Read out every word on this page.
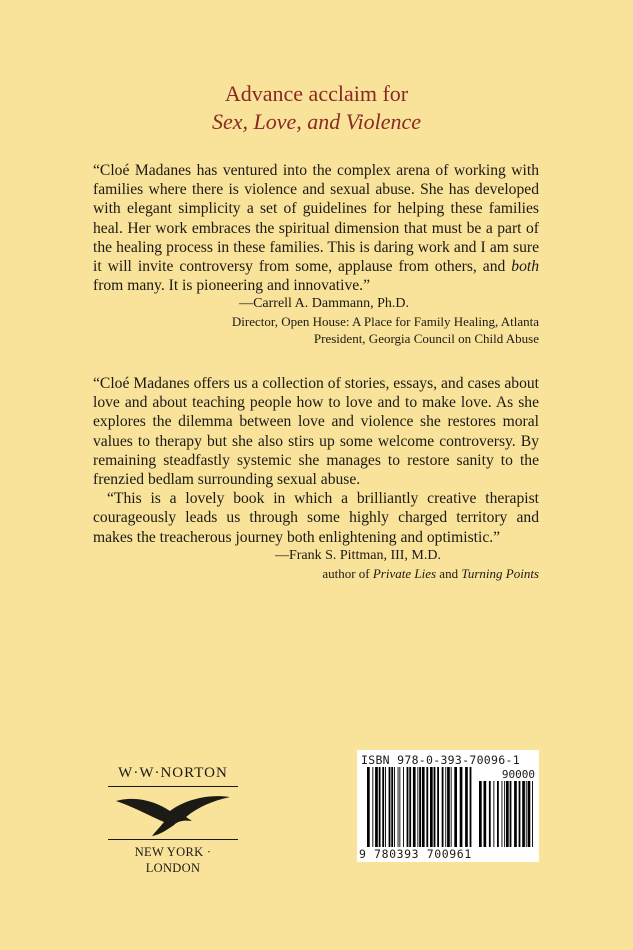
Advance acclaim for
Sex, Love, and Violence

“Cloé Madanes has ventured into the complex arena of working with families where there is violence and sexual abuse. She has developed with elegant simplicity a set of guidelines for helping these families heal. Her work embraces the spiritual dimension that must be a part of the healing process in these families. This is daring work and I am sure it will invite controversy from some, applause from others, and both from many. It is pioneering and innovative.”

—Carrell A. Dammann, Ph.D.
Director, Open House: A Place for Family Healing, Atlanta
President, Georgia Council on Child Abuse

“Cloé Madanes offers us a collection of stories, essays, and cases about love and about teaching people how to love and to make love. As she explores the dilemma between love and violence she restores moral values to therapy but she also stirs up some welcome controversy. By remaining steadfastly systemic she manages to restore sanity to the frenzied bedlam surrounding sexual abuse.

“This is a lovely book in which a brilliantly creative therapist courageously leads us through some highly charged territory and makes the treacherous journey both enlightening and optimistic.”

—Frank S. Pittman, III, M.D.
author of Private Lies and Turning Points
W·W·NORTON
NEW YORK · LONDON
ISBN 978-0-393-70096-1
90000
9 780393 700961
